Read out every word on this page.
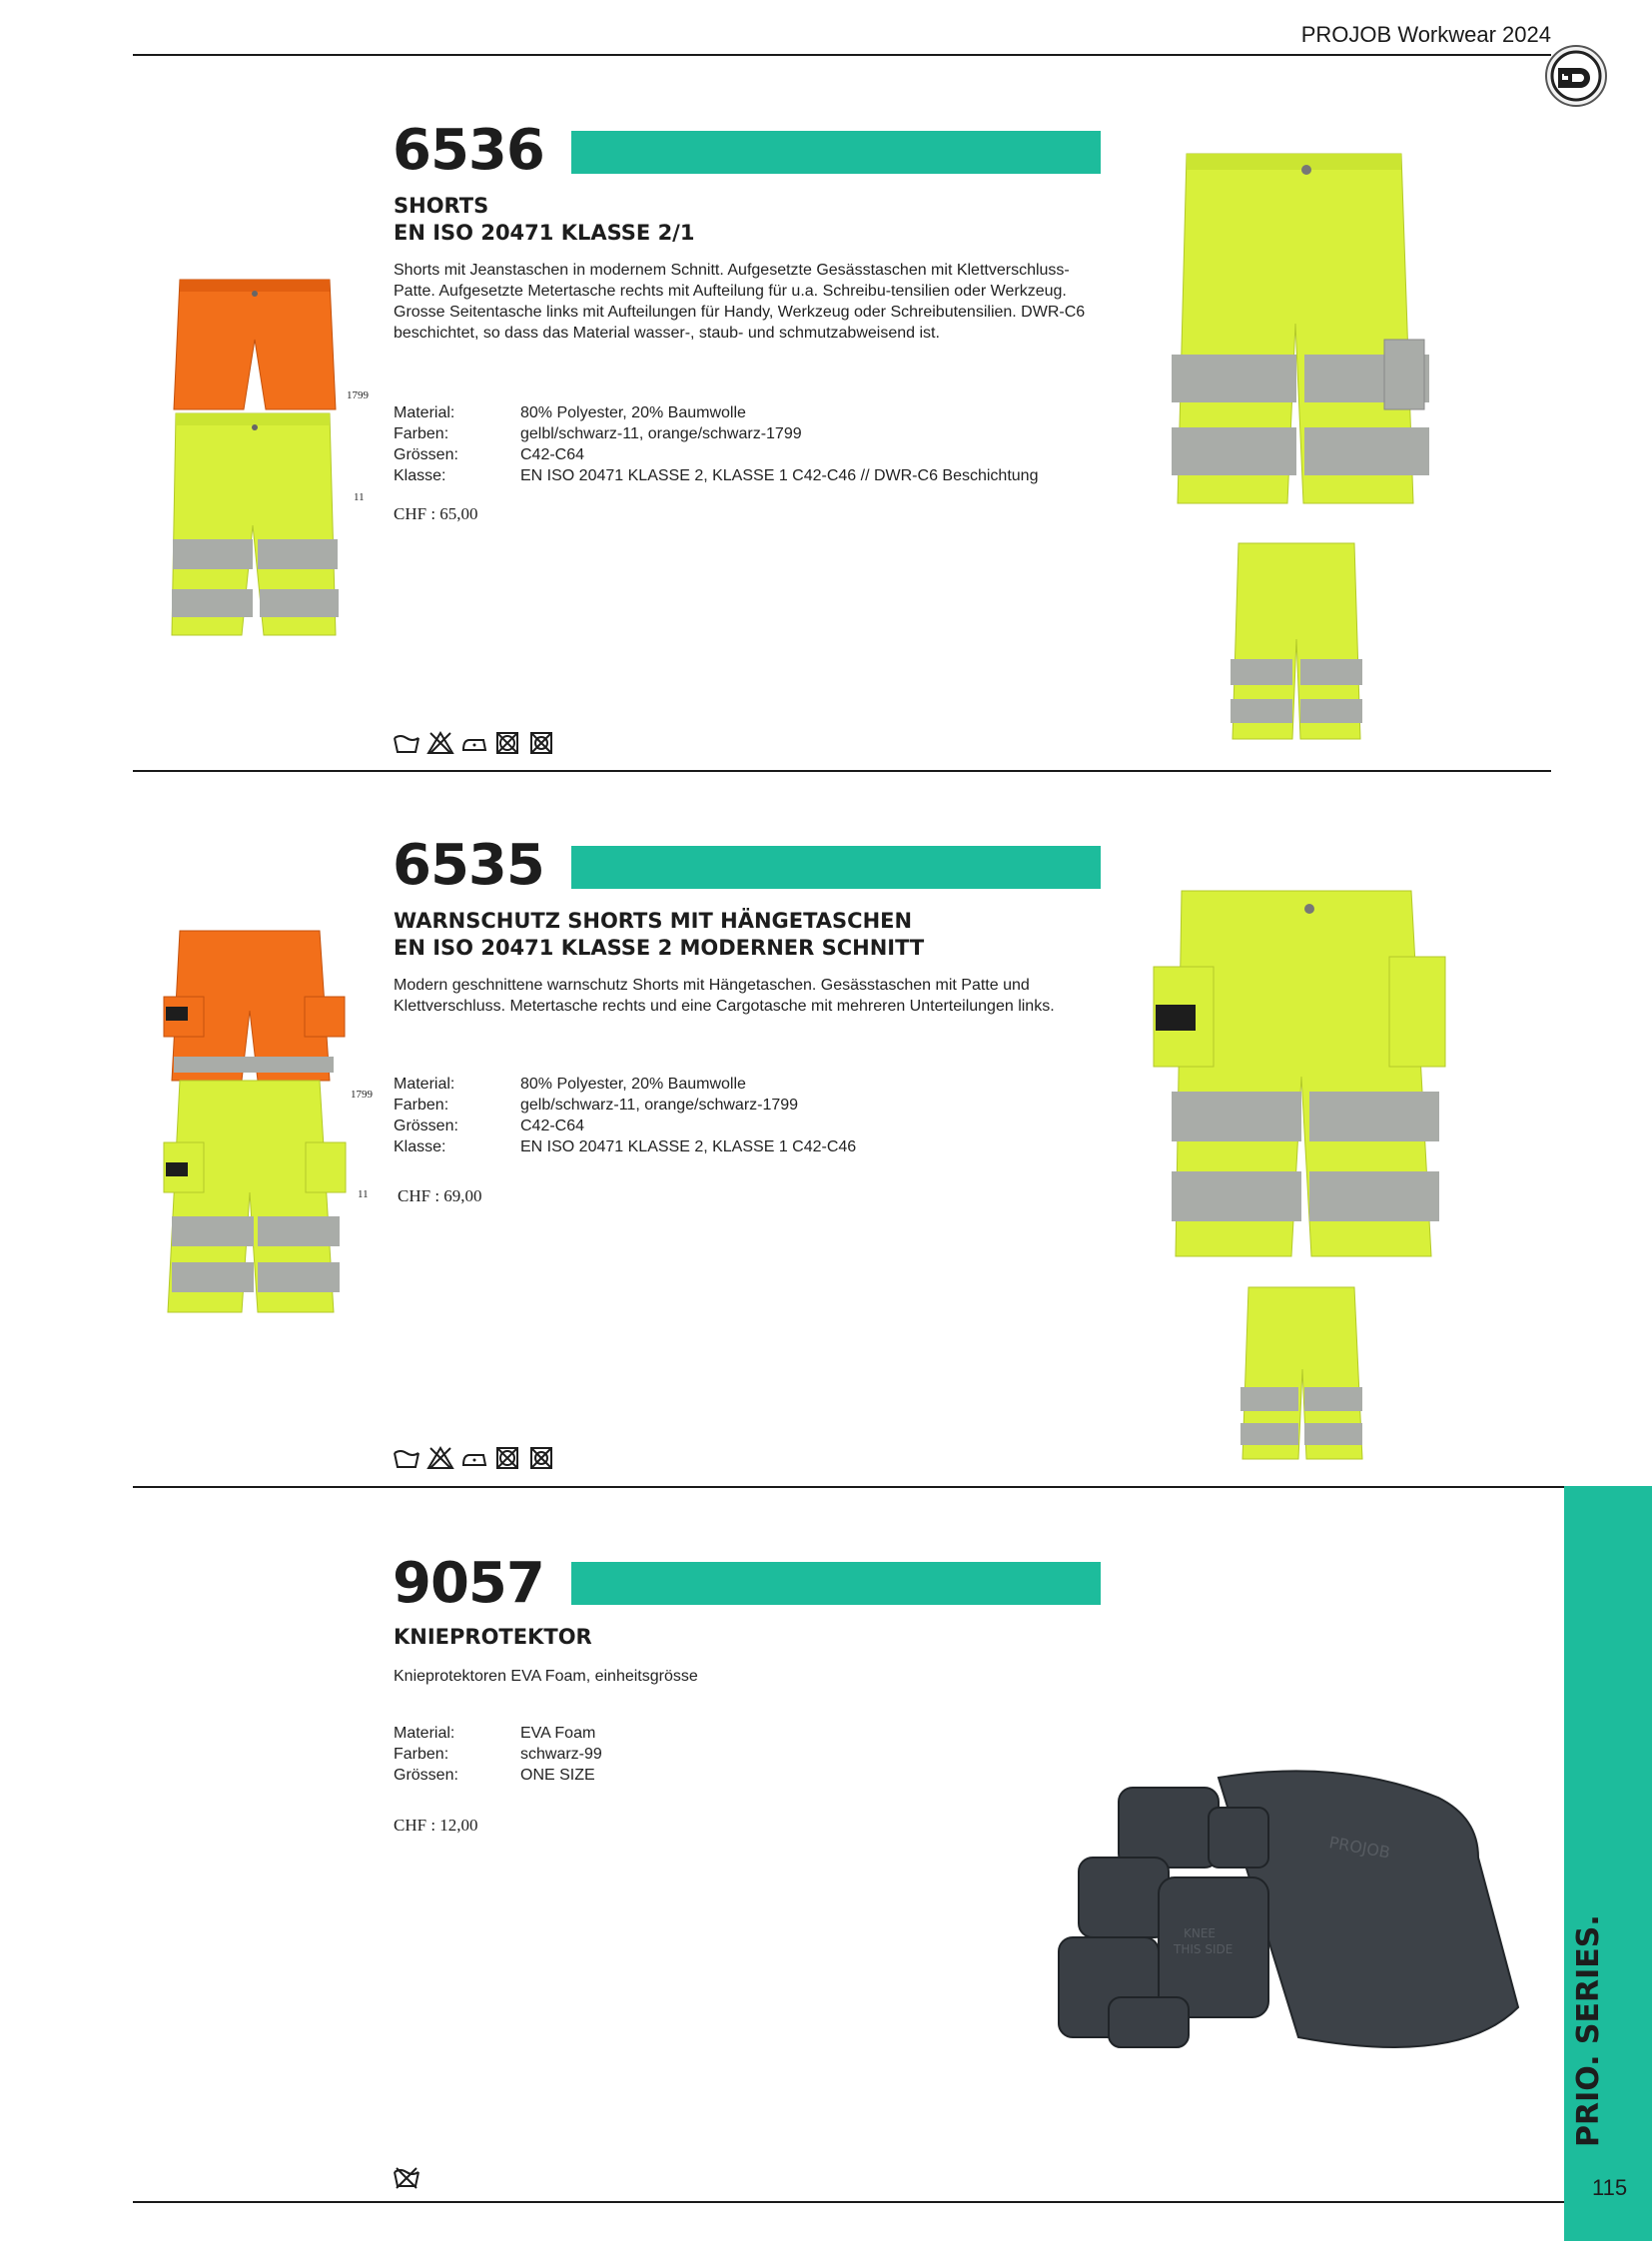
PROJOB Workwear 2024
6536
SHORTS
EN ISO 20471 KLASSE 2/1
Shorts mit Jeanstaschen in modernem Schnitt. Aufgesetzte Gesässtaschen mit Klettverschluss-Patte. Aufgesetzte Metertasche rechts mit Aufteilung für u.a. Schreibu-tensilien oder Werkzeug. Grosse Seitentasche links mit Aufteilungen für Handy, Werkzeug oder Schreibutensilien. DWR-C6 beschichtet, so dass das Material wasser-, staub- und schmutzabweisend ist.
Material:	80% Polyester, 20% Baumwolle
Farben:	gelbl/schwarz-11, orange/schwarz-1799
Grössen:	C42-C64
Klasse:	EN ISO 20471 KLASSE 2, KLASSE 1 C42-C46 // DWR-C6 Beschichtung
CHF : 65,00
1799
11
6535
WARNSCHUTZ SHORTS MIT HÄNGETASCHEN
EN ISO 20471 KLASSE 2 MODERNER SCHNITT
Modern geschnittene warnschutz Shorts mit Hängetaschen. Gesässtaschen mit Patte und Klettverschluss. Metertasche rechts und eine Cargotasche mit mehreren Unterteilungen links.
Material:	80% Polyester, 20% Baumwolle
Farben:	gelb/schwarz-11, orange/schwarz-1799
Grössen:	C42-C64
Klasse:	EN ISO 20471 KLASSE 2, KLASSE 1 C42-C46
CHF : 69,00
1799
11
9057
KNIEPROTEKTOR
Knieprotektoren EVA Foam, einheitsgrösse
Material:	EVA Foam
Farben:	schwarz-99
Grössen:	ONE SIZE
CHF : 12,00
PROJOB
KNEE
THIS SIDE	PRIO. SERIES.
115
